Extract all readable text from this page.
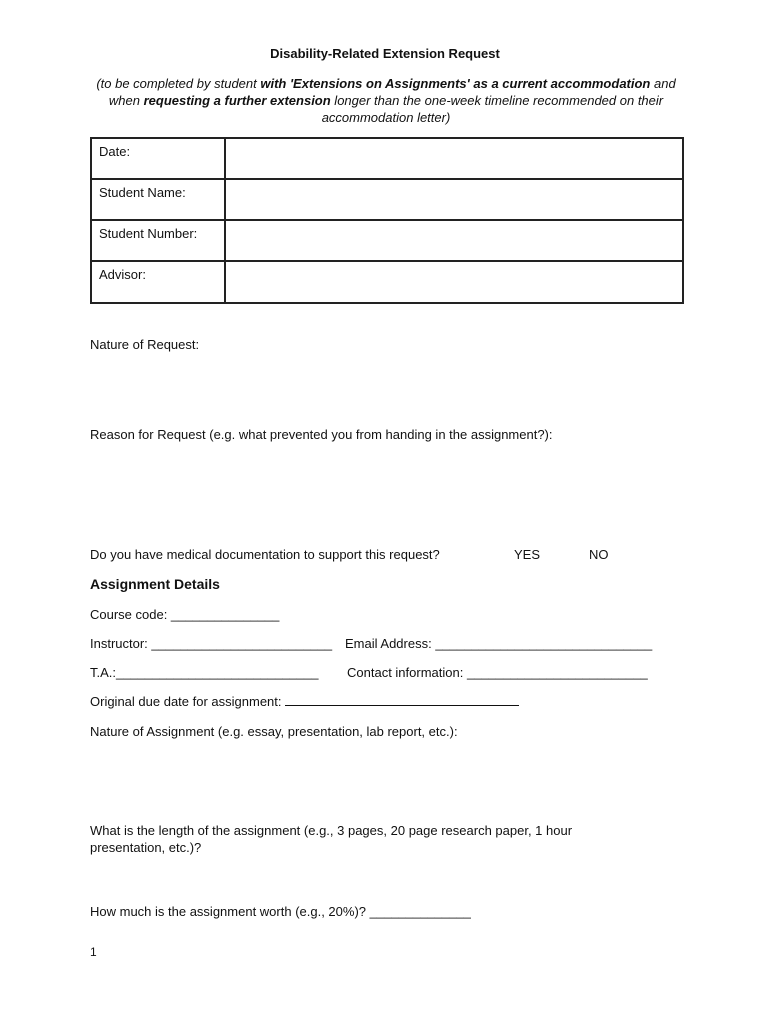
Disability-Related Extension Request
(to be completed by student with 'Extensions on Assignments' as a current accommodation and when requesting a further extension longer than the one-week timeline recommended on their accommodation letter)
Date:	
Student Name:	
Student Number:	
Advisor:	
Nature of Request:
Reason for Request (e.g. what prevented you from handing in the assignment?):
Do you have medical documentation to support this request?	YES	NO
Assignment Details
Course code: _______________
Instructor: _________________________ Email Address: ______________________________
T.A.:____________________________ Contact information: _________________________
Original due date for assignment:
Nature of Assignment (e.g. essay, presentation, lab report, etc.):
What is the length of the assignment (e.g., 3 pages, 20 page research paper, 1 hour presentation, etc.)?
How much is the assignment worth (e.g., 20%)? ______________
1
